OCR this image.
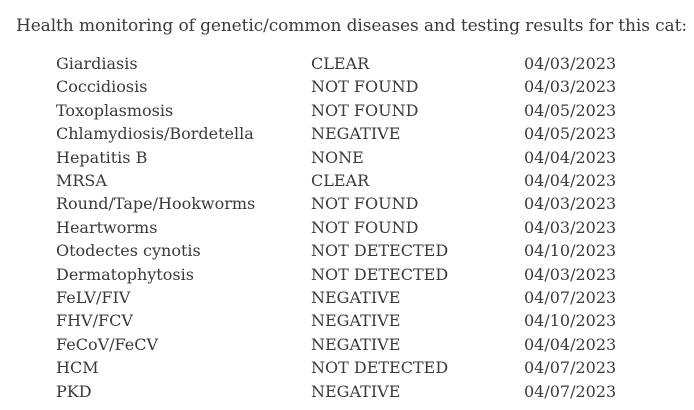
Health monitoring of genetic/common diseases and testing results for this cat:
Giardiasis	CLEAR	04/03/2023
Coccidiosis	NOT FOUND	04/03/2023
Toxoplasmosis	NOT FOUND	04/05/2023
Chlamydiosis/Bordetella	NEGATIVE	04/05/2023
Hepatitis B	NONE	04/04/2023
MRSA	CLEAR	04/04/2023
Round/Tape/Hookworms	NOT FOUND	04/03/2023
Heartworms	NOT FOUND	04/03/2023
Otodectes cynotis	NOT DETECTED	04/10/2023
Dermatophytosis	NOT DETECTED	04/03/2023
FeLV/FIV	NEGATIVE	04/07/2023
FHV/FCV	NEGATIVE	04/10/2023
FeCoV/FeCV	NEGATIVE	04/04/2023
HCM	NOT DETECTED	04/07/2023
PKD	NEGATIVE	04/07/2023
